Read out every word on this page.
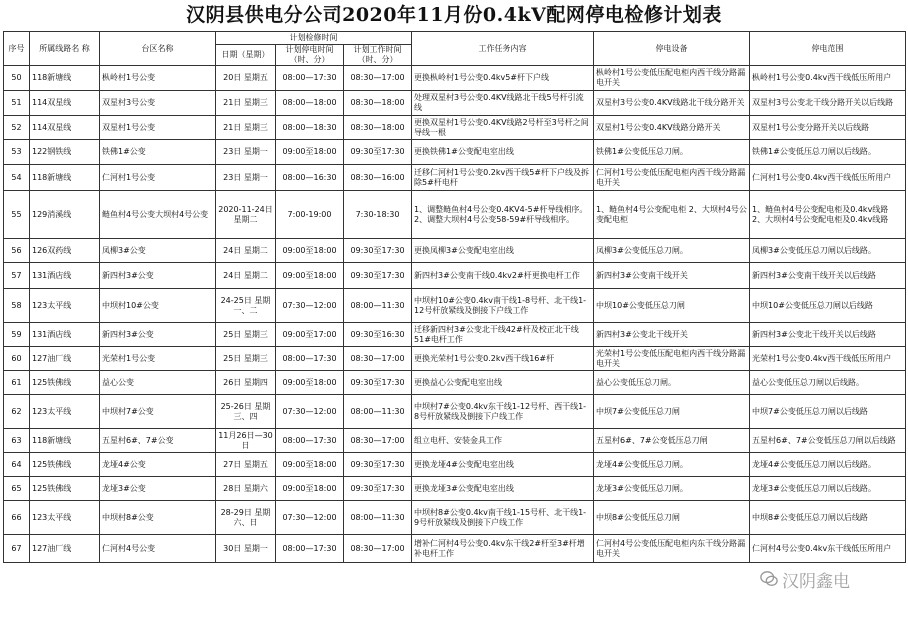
汉阴县供电分公司2020年11月份0.4kV配网停电检修计划表
序号	所属线路名 称	台区名称	计划检修时间			工作任务内容	停电设备	停电范围
			日期（星期）	计划停电时间（时、分）	计划工作时间（时、分）			
50	118新塘线	枞岭村1号公变	20日 星期五	08:00—17:30	08:30—17:00	更换枞岭村1号公变0.4kv5#杆下户线	枞岭村1号公变低压配电柜内西干线分路漏电开关	枞岭村1号公变0.4kv西干线低压所用户
51	114双星线	双星村3号公变	21日 星期三	08:00—18:00	08:30—18:00	处理双星村3号公变0.4KV线路北干线5号杆引流线	双星村3号公变0.4KV线路北干线分路开关	双星村3号公变北干线分路开关以后线路
52	114双星线	双星村1号公变	21日 星期三	08:00—18:30	08:30—18:00	更换双星村1号公变0.4KV线路2号杆至3号杆之间导线一根	双星村1号公变0.4KV线路分路开关	双星村1号公变分路开关以后线路
53	122钢铁线	铁佛1#公变	23日 星期一	09:00至18:00	09:30至17:30	更换铁佛1#公变配电室出线	铁佛1#公变低压总刀闸。	铁佛1#公变低压总刀闸以后线路。
54	118新塘线	仁河村1号公变	23日 星期一	08:00—16:30	08:30—16:00	迁移仁河村1号公变0.2kv西干线5#杆下户线及拆除5#杆电杆	仁河村1号公变低压配电柜内西干线分路漏电开关	仁河村1号公变0.4kv西干线低压所用户
55	129消溪线	鲢鱼村4号公变大坝村4号公变	2020-11-24日星期二	7:00-19:00	7:30-18:30	1、调整鲢鱼村4号公变0.4KV4-5#杆导线相序。 2、调整大坝村4号公变58-59#杆导线相序。	1、鲢鱼村4号公变配电柜 2、大坝村4号公变配电柜	1、鲢鱼村4号公变配电柜及0.4kv线路 2、大坝村4号公变配电柜及0.4kv线路
56	126双药线	凤柳3#公变	24日 星期二	09:00至18:00	09:30至17:30	更换凤柳3#公变配电室出线	凤柳3#公变低压总刀闸。	凤柳3#公变低压总刀闸以后线路。
57	131酒店线	新四村3#公变	24日 星期二	09:00至18:00	09:30至17:30	新四村3#公变南干线0.4kv2#杆更换电杆工作	新四村3#公变南干线开关	新四村3#公变南干线开关以后线路
58	123太平线	中坝村10#公变	24-25日 星期一、二	07:30—12:00	08:00—11:30	中坝村10#公变0.4kv南干线1-8号杆、北干线1-12号杆放紧线及倒接下户线工作	中坝10#公变低压总刀闸	中坝10#公变低压总刀闸以后线路
59	131酒店线	新四村3#公变	25日 星期三	09:00至17:00	09:30至16:30	迁移新四村3#公变北干线42#杆及校正北干线51#电杆工作	新四村3#公变北干线开关	新四村3#公变北干线开关以后线路
60	127油厂线	光荣村1号公变	25日 星期三	08:00—17:30	08:30—17:00	更换光荣村1号公变0.2kv西干线16#杆	光荣村1号公变低压配电柜内西干线分路漏电开关	光荣村1号公变0.4kv西干线低压所用户
61	125铁佛线	益心公变	26日 星期四	09:00至18:00	09:30至17:30	更换益心公变配电室出线	益心公变低压总刀闸。	益心公变低压总刀闸以后线路。
62	123太平线	中坝村7#公变	25-26日 星期三、四	07:30—12:00	08:00—11:30	中坝村7#公变0.4kv东干线1-12号杆、西干线1-8号杆放紧线及倒接下户线工作	中坝7#公变低压总刀闸	中坝7#公变低压总刀闸以后线路
63	118新塘线	五星村6#、7#公变	11月26日—30日	08:00—17:30	08:30—17:00	组立电杆、安装金具工作	五星村6#、7#公变低压总刀闸	五星村6#、7#公变低压总刀闸以后线路
64	125铁佛线	龙垭4#公变	27日 星期五	09:00至18:00	09:30至17:30	更换龙垭4#公变配电室出线	龙垭4#公变低压总刀闸。	龙垭4#公变低压总刀闸以后线路。
65	125铁佛线	龙垭3#公变	28日 星期六	09:00至18:00	09:30至17:30	更换龙垭3#公变配电室出线	龙垭3#公变低压总刀闸。	龙垭3#公变低压总刀闸以后线路。
66	123太平线	中坝村8#公变	28-29日 星期六、日	07:30—12:00	08:00—11:30	中坝村8#公变0.4kv南干线1-15号杆、北干线1-9号杆放紧线及倒接下户线工作	中坝8#公变低压总刀闸	中坝8#公变低压总刀闸以后线路
67	127油厂线	仁河村4号公变	30日 星期一	08:00—17:30	08:30—17:00	增补仁河村4号公变0.4kv东干线2#杆至3#杆增补电杆工作	仁河村4号公变低压配电柜内东干线分路漏电开关	仁河村4号公变0.4kv东干线低压所用户
汉阴鑫电
